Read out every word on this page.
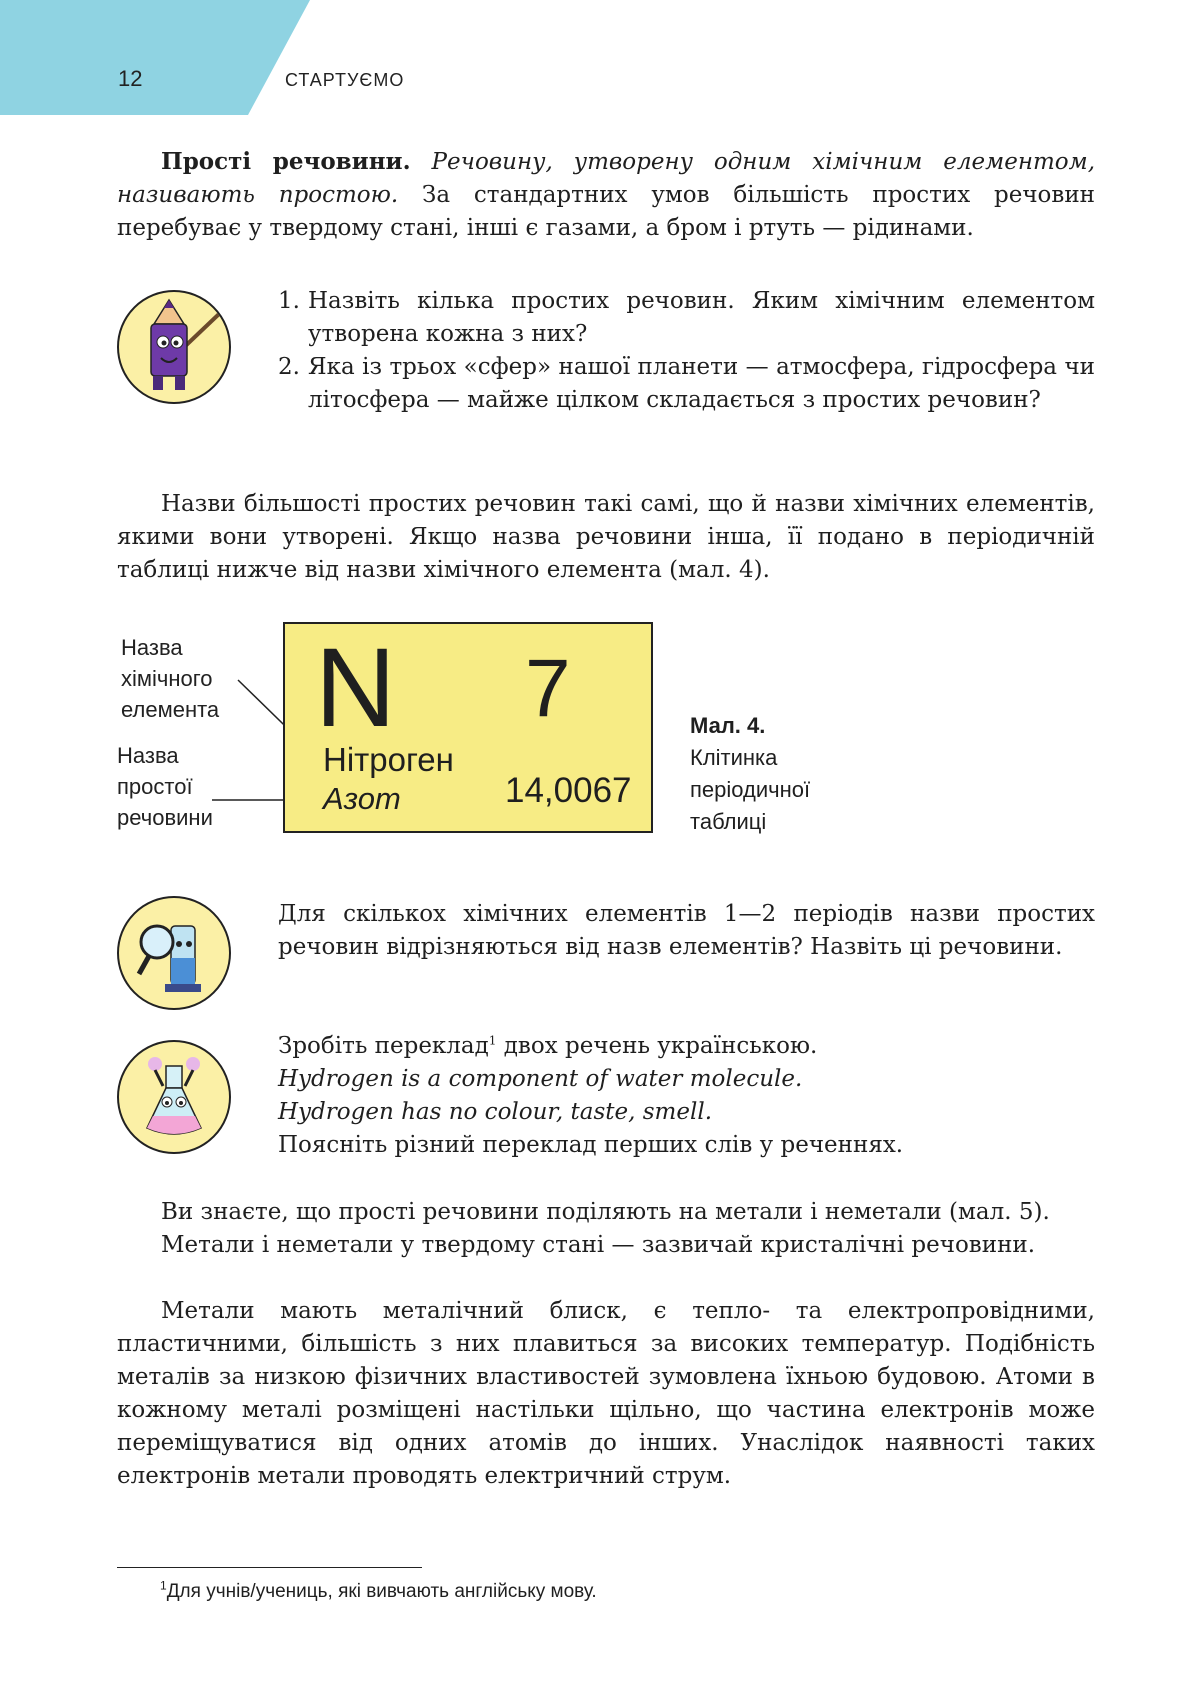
12	СТАРТУЄМО

Прості речовини. Речовину, утворену одним хімічним елементом, називають простою. За стандартних умов більшість простих речовин перебуває у твердому стані, інші є газами, а бром і ртуть — рідинами.

1. Назвіть кілька простих речовин. Яким хімічним елементом утворена кожна з них?
2. Яка із трьох «сфер» нашої планети — атмосфера, гідросфера чи літосфера — майже цілком складається з простих речовин?

Назви більшості простих речовин такі самі, що й назви хімічних елементів, якими вони утворені. Якщо назва речовини інша, її подано в періодичній таблиці нижче від назви хімічного елемента (мал. 4).

Назва
хімічного
елемента
Назва
простої
речовини
N 7
Нітроген
Азот	14,0067
Мал. 4.
Клітинка
періодичної
таблиці

Для скількох хімічних елементів 1—2 періодів назви простих речовин відрізняються від назв елементів? Назвіть ці речовини.

Зробіть переклад$^1$ двох речень українською.
Hydrogen is a component of water molecule.
Hydrogen has no colour, taste, smell.
Поясніть різний переклад перших слів у реченнях.

Ви знаєте, що прості речовини поділяють на метали і неметали (мал. 5).

Метали і неметали у твердому стані — зазвичай кристалічні речовини.

Метали мають металічний блиск, є тепло- та електропровідними, пластичними, більшість з них плавиться за високих температур. Подібність металів за низкою фізичних властивостей зумовлена їхньою будовою. Атоми в кожному металі розміщені настільки щільно, що частина електронів може переміщуватися від одних атомів до інших. Унаслідок наявності таких електронів метали проводять електричний струм.

$^1$Для учнів/учениць, які вивчають англійську мову.
